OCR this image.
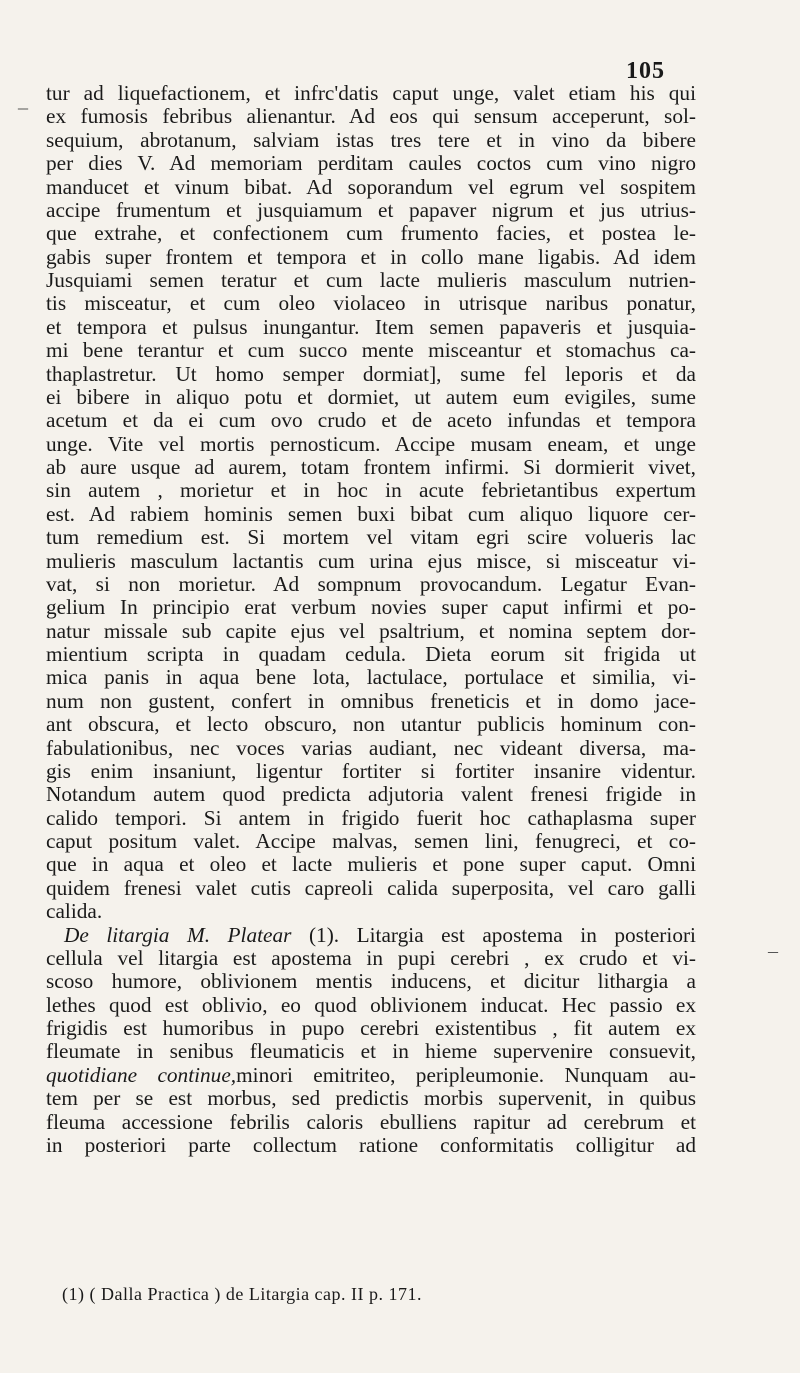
105
tur ad liquefactionem, et infrc'datis caput unge, valet etiam his qui
ex fumosis febribus alienantur. Ad eos qui sensum acceperunt, sol-
sequium, abrotanum, salviam istas tres tere et in vino da bibere
per dies V. Ad memoriam perditam caules coctos cum vino nigro
manducet et vinum bibat. Ad soporandum vel egrum vel sospitem
accipe frumentum et jusquiamum et papaver nigrum et jus utrius-
que extrahe, et confectionem cum frumento facies, et postea le-
gabis super frontem et tempora et in collo mane ligabis. Ad idem
Jusquiami semen teratur et cum lacte mulieris masculum nutrien-
tis misceatur, et cum oleo violaceo in utrisque naribus ponatur,
et tempora et pulsus inungantur. Item semen papaveris et jusquia-
mi bene terantur et cum succo mente misceantur et stomachus ca-
thaplastretur. Ut homo semper dormiat], sume fel leporis et da
ei bibere in aliquo potu et dormiet, ut autem eum evigiles, sume
acetum et da ei cum ovo crudo et de aceto infundas et tempora
unge. Vite vel mortis pernosticum. Accipe musam eneam, et unge
ab aure usque ad aurem, totam frontem infirmi. Si dormierit vivet,
sin autem , morietur et in hoc in acute febrietantibus expertum
est. Ad rabiem hominis semen buxi bibat cum aliquo liquore cer-
tum remedium est. Si mortem vel vitam egri scire volueris lac
mulieris masculum lactantis cum urina ejus misce, si misceatur vi-
vat, si non morietur. Ad sompnum provocandum. Legatur Evan-
gelium In principio erat verbum novies super caput infirmi et po-
natur missale sub capite ejus vel psaltrium, et nomina septem dor-
mientium scripta in quadam cedula. Dieta eorum sit frigida ut
mica panis in aqua bene lota, lactulace, portulace et similia, vi-
num non gustent, confert in omnibus freneticis et in domo jace-
ant obscura, et lecto obscuro, non utantur publicis hominum con-
fabulationibus, nec voces varias audiant, nec videant diversa, ma-
gis enim insaniunt, ligentur fortiter si fortiter insanire videntur.
Notandum autem quod predicta adjutoria valent frenesi frigide in
calido tempori. Si antem in frigido fuerit hoc cathaplasma super
caput positum valet. Accipe malvas, semen lini, fenugreci, et co-
que in aqua et oleo et lacte mulieris et pone super caput. Omni
quidem frenesi valet cutis capreoli calida superposita, vel caro galli
calida.
De litargia M. Platear (1). Litargia est apostema in posteriori
cellula vel litargia est apostema in pupi cerebri , ex crudo et vi-
scoso humore, oblivionem mentis inducens, et dicitur lithargia a
lethes quod est oblivio, eo quod oblivionem inducat. Hec passio ex
frigidis est humoribus in pupo cerebri existentibus , fit autem ex
fleumate in senibus fleumaticis et in hieme supervenire consuevit,
quotidiane continue,minori emitriteo, peripleumonie. Nunquam au-
tem per se est morbus, sed predictis morbis supervenit, in quibus
fleuma accessione febrilis caloris ebulliens rapitur ad cerebrum et
in posteriori parte collectum ratione conformitatis colligitur ad
(1) ( Dalla Practica ) de Litargia cap. II p. 171.
_
–
